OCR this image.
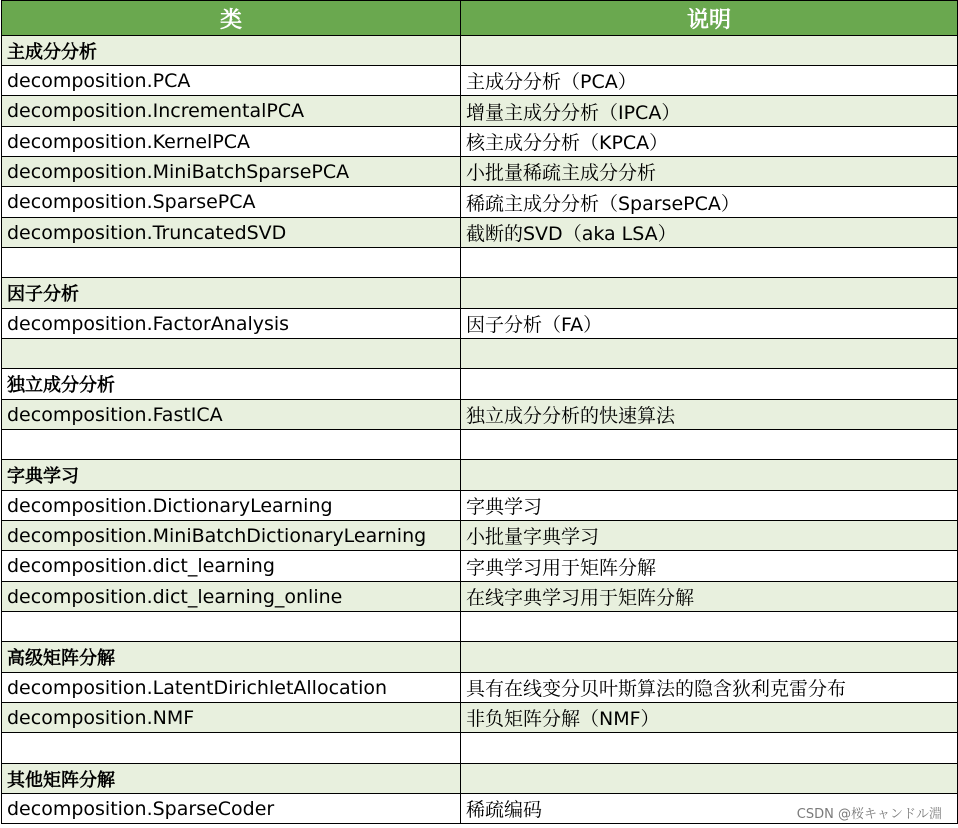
类	说明
主成分分析
decomposition.PCA	主成分分析（PCA）
decomposition.IncrementalPCA	增量主成分分析（IPCA）
decomposition.KernelPCA	核主成分分析（KPCA）
decomposition.MiniBatchSparsePCA	小批量稀疏主成分分析
decomposition.SparsePCA	稀疏主成分分析（SparsePCA）
decomposition.TruncatedSVD	截断的SVD（aka LSA）
因子分析
decomposition.FactorAnalysis	因子分析（FA）
独立成分分析
decomposition.FastICA	独立成分分析的快速算法
字典学习
decomposition.DictionaryLearning	字典学习
decomposition.MiniBatchDictionaryLearning	小批量字典学习
decomposition.dict_learning	字典学习用于矩阵分解
decomposition.dict_learning_online	在线字典学习用于矩阵分解
高级矩阵分解
decomposition.LatentDirichletAllocation	具有在线变分贝叶斯算法的隐含狄利克雷分布
decomposition.NMF	非负矩阵分解（NMF）
其他矩阵分解
decomposition.SparseCoder	稀疏编码	CSDN @桜キャンドル淵
